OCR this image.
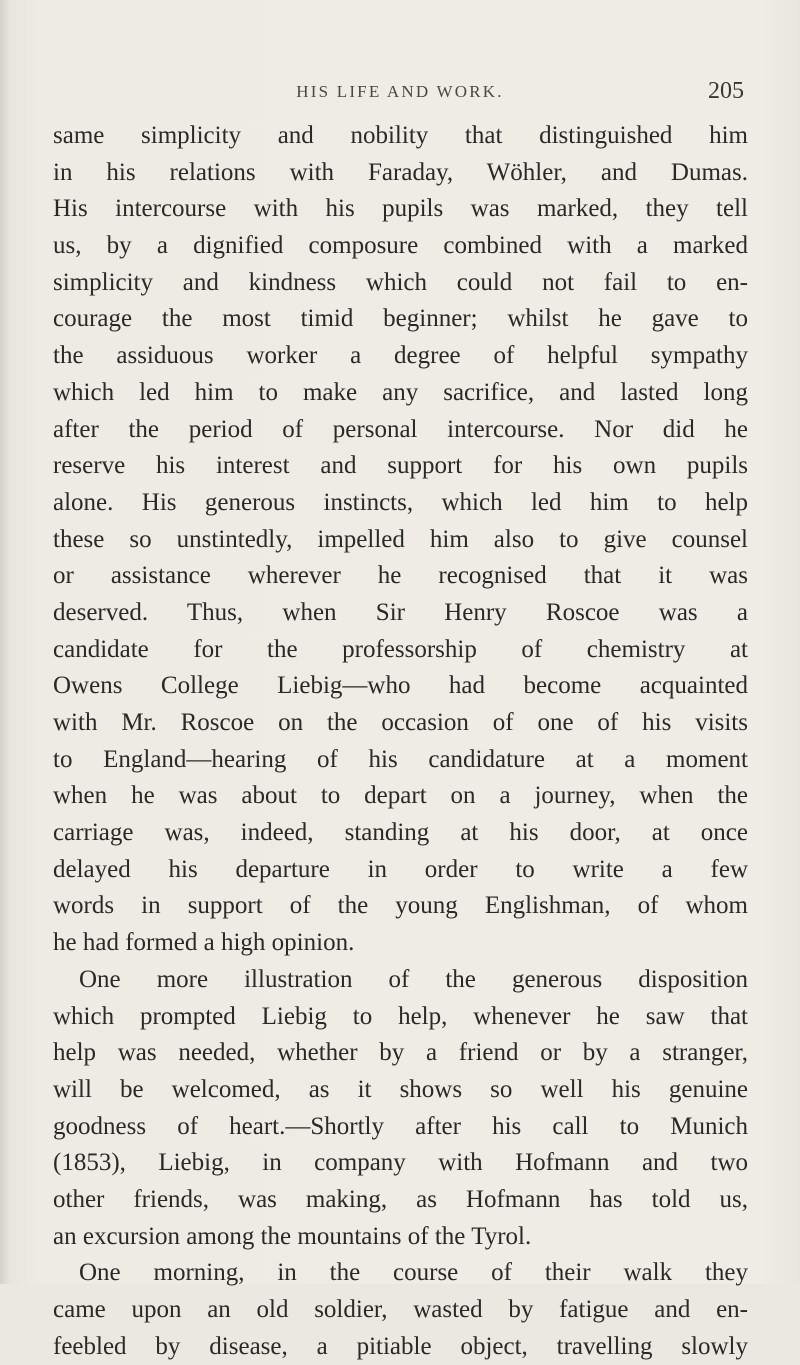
HIS LIFE AND WORK.	205
same simplicity and nobility that distinguished him
in his relations with Faraday, Wöhler, and Dumas.
His intercourse with his pupils was marked, they tell
us, by a dignified composure combined with a marked
simplicity and kindness which could not fail to en-
courage the most timid beginner; whilst he gave to
the assiduous worker a degree of helpful sympathy
which led him to make any sacrifice, and lasted long
after the period of personal intercourse. Nor did he
reserve his interest and support for his own pupils
alone. His generous instincts, which led him to help
these so unstintedly, impelled him also to give counsel
or assistance wherever he recognised that it was
deserved. Thus, when Sir Henry Roscoe was a
candidate for the professorship of chemistry at
Owens College Liebig—who had become acquainted
with Mr. Roscoe on the occasion of one of his visits
to England—hearing of his candidature at a moment
when he was about to depart on a journey, when the
carriage was, indeed, standing at his door, at once
delayed his departure in order to write a few
words in support of the young Englishman, of whom
he had formed a high opinion.
One more illustration of the generous disposition
which prompted Liebig to help, whenever he saw that
help was needed, whether by a friend or by a stranger,
will be welcomed, as it shows so well his genuine
goodness of heart.—Shortly after his call to Munich
(1853), Liebig, in company with Hofmann and two
other friends, was making, as Hofmann has told us,
an excursion among the mountains of the Tyrol.
One morning, in the course of their walk they
came upon an old soldier, wasted by fatigue and en-
feebled by disease, a pitiable object, travelling slowly
